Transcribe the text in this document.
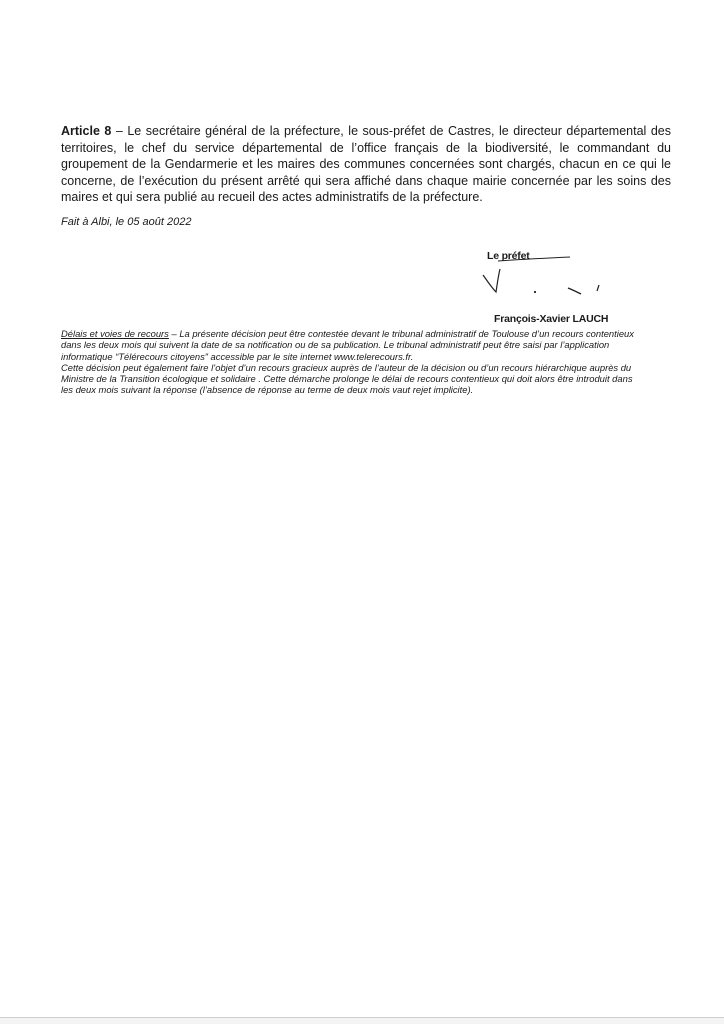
Article 8 – Le secrétaire général de la préfecture, le sous-préfet de Castres, le directeur départemental des territoires, le chef du service départemental de l’office français de la biodiversité, le commandant du groupement de la Gendarmerie et les maires des communes concernées sont chargés, chacun en ce qui le concerne, de l’exécution du présent arrêté qui sera affiché dans chaque mairie concernée par les soins des maires et qui sera publié au recueil des actes administratifs de la préfecture.
Fait à Albi, le 05 août 2022
Le préfet
François-Xavier LAUCH

Délais et voies de recours – La présente décision peut être contestée devant le tribunal administratif de Toulouse d’un recours contentieux dans les deux mois qui suivent la date de sa notification ou de sa publication. Le tribunal administratif peut être saisi par l’application informatique “Télérecours citoyens” accessible par le site internet www.telerecours.fr.

Cette décision peut également faire l’objet d’un recours gracieux auprès de l’auteur de la décision ou d’un recours hiérarchique auprès du Ministre de la Transition écologique et solidaire . Cette démarche prolonge le délai de recours contentieux qui doit alors être introduit dans les deux mois suivant la réponse (l’absence de réponse au terme de deux mois vaut rejet implicite).
